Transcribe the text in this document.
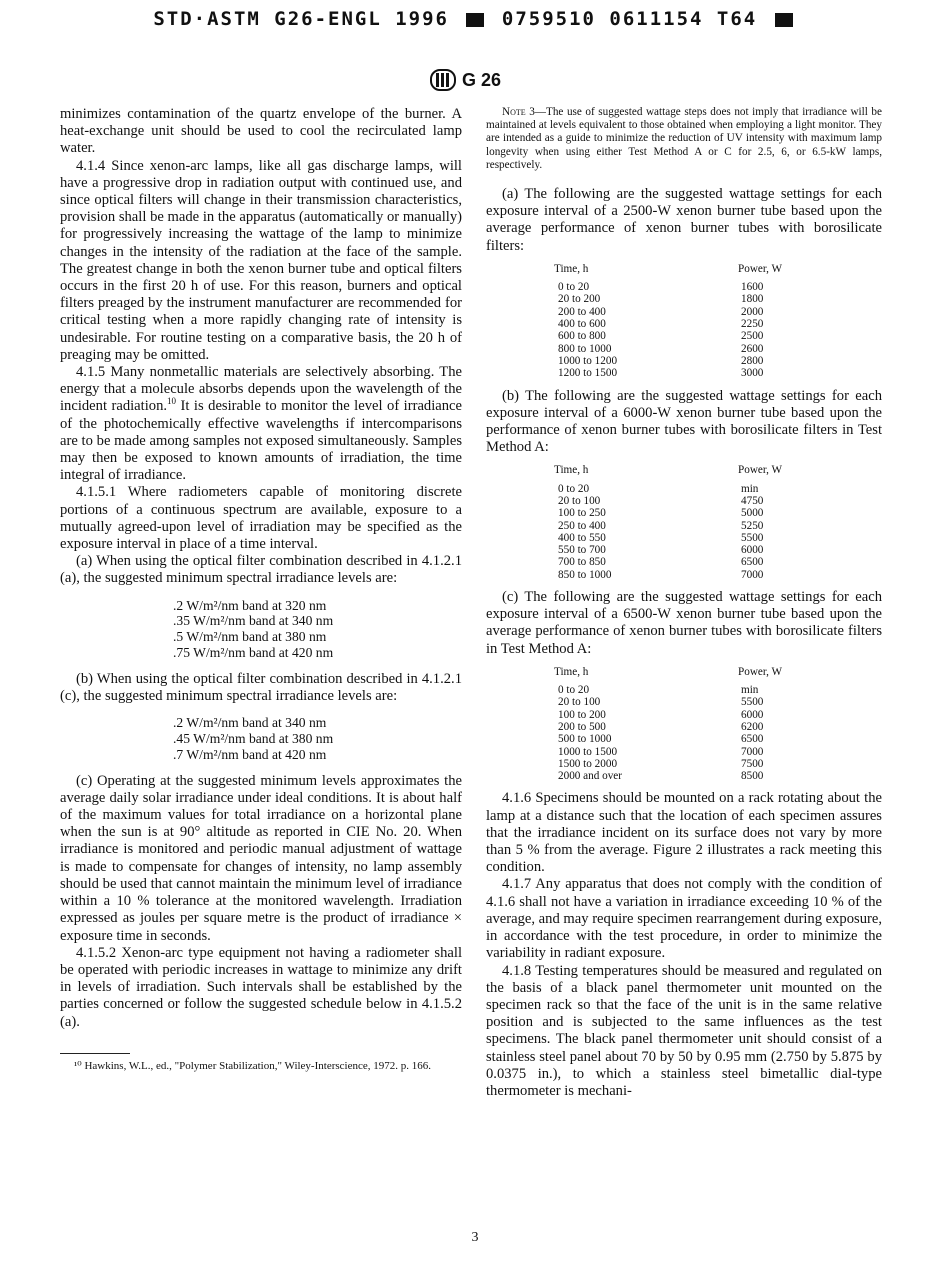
STD·ASTM G26-ENGL 1996	0759510 0611154 T64
G 26

minimizes contamination of the quartz envelope of the burner. A heat-exchange unit should be used to cool the recirculated lamp water.

4.1.4 Since xenon-arc lamps, like all gas discharge lamps, will have a progressive drop in radiation output with continued use, and since optical filters will change in their transmission characteristics, provision shall be made in the apparatus (automatically or manually) for progressively increasing the wattage of the lamp to minimize changes in the intensity of the radiation at the face of the sample. The greatest change in both the xenon burner tube and optical filters occurs in the first 20 h of use. For this reason, burners and optical filters preaged by the instrument manufacturer are recommended for critical testing when a more rapidly changing rate of intensity is undesirable. For routine testing on a comparative basis, the 20 h of preaging may be omitted.

4.1.5 Many nonmetallic materials are selectively absorbing. The energy that a molecule absorbs depends upon the wavelength of the incident radiation.$^{10}$ It is desirable to monitor the level of irradiance of the photochemically effective wavelengths if intercomparisons are to be made among samples not exposed simultaneously. Samples may then be exposed to known amounts of irradiation, the time integral of irradiance.

4.1.5.1 Where radiometers capable of monitoring discrete portions of a continuous spectrum are available, exposure to a mutually agreed-upon level of irradiation may be specified as the exposure interval in place of a time interval.

(a) When using the optical filter combination described in 4.1.2.1 (a), the suggested minimum spectral irradiance levels are:

.2 W/m²/nm band at 320 nm
.35 W/m²/nm band at 340 nm
.5 W/m²/nm band at 380 nm
.75 W/m²/nm band at 420 nm

(b) When using the optical filter combination described in 4.1.2.1 (c), the suggested minimum spectral irradiance levels are:

.2 W/m²/nm band at 340 nm
.45 W/m²/nm band at 380 nm
.7 W/m²/nm band at 420 nm

(c) Operating at the suggested minimum levels approximates the average daily solar irradiance under ideal conditions. It is about half of the maximum values for total irradiance on a horizontal plane when the sun is at 90° altitude as reported in CIE No. 20. When irradiance is monitored and periodic manual adjustment of wattage is made to compensate for changes of intensity, no lamp assembly should be used that cannot maintain the minimum level of irradiance within a 10 % tolerance at the monitored wavelength. Irradiation expressed as joules per square metre is the product of irradiance × exposure time in seconds.

4.1.5.2 Xenon-arc type equipment not having a radiometer shall be operated with periodic increases in wattage to minimize any drift in levels of irradiation. Such intervals shall be established by the parties concerned or follow the suggested schedule below in 4.1.5.2 (a).

¹⁰ Hawkins, W.L., ed., "Polymer Stabilization," Wiley-Interscience, 1972. p. 166.

Note 3—The use of suggested wattage steps does not imply that irradiance will be maintained at levels equivalent to those obtained when employing a light monitor. They are intended as a guide to minimize the reduction of UV intensity with maximum lamp longevity when using either Test Method A or C for 2.5, 6, or 6.5-kW lamps, respectively.

(a) The following are the suggested wattage settings for each exposure interval of a 2500-W xenon burner tube based upon the average performance of xenon burner tubes with borosilicate filters:

Time, h	Power, W
0 to 20	1600
20 to 200	1800
200 to 400	2000
400 to 600	2250
600 to 800	2500
800 to 1000	2600
1000 to 1200	2800
1200 to 1500	3000

(b) The following are the suggested wattage settings for each exposure interval of a 6000-W xenon burner tube based upon the performance of xenon burner tubes with borosilicate filters in Test Method A:

Time, h	Power, W
0 to 20	min
20 to 100	4750
100 to 250	5000
250 to 400	5250
400 to 550	5500
550 to 700	6000
700 to 850	6500
850 to 1000	7000

(c) The following are the suggested wattage settings for each exposure interval of a 6500-W xenon burner tube based upon the average performance of xenon burner tubes with borosilicate filters in Test Method A:

Time, h	Power, W
0 to 20	min
20 to 100	5500
100 to 200	6000
200 to 500	6200
500 to 1000	6500
1000 to 1500	7000
1500 to 2000	7500
2000 and over	8500

4.1.6 Specimens should be mounted on a rack rotating about the lamp at a distance such that the location of each specimen assures that the irradiance incident on its surface does not vary by more than 5 % from the average. Figure 2 illustrates a rack meeting this condition.

4.1.7 Any apparatus that does not comply with the condition of 4.1.6 shall not have a variation in irradiance exceeding 10 % of the average, and may require specimen rearrangement during exposure, in accordance with the test procedure, in order to minimize the variability in radiant exposure.

4.1.8 Testing temperatures should be measured and regulated on the basis of a black panel thermometer unit mounted on the specimen rack so that the face of the unit is in the same relative position and is subjected to the same influences as the test specimens. The black panel thermometer unit should consist of a stainless steel panel about 70 by 50 by 0.95 mm (2.750 by 5.875 by 0.0375 in.), to which a stainless steel bimetallic dial-type thermometer is mechani-

3
